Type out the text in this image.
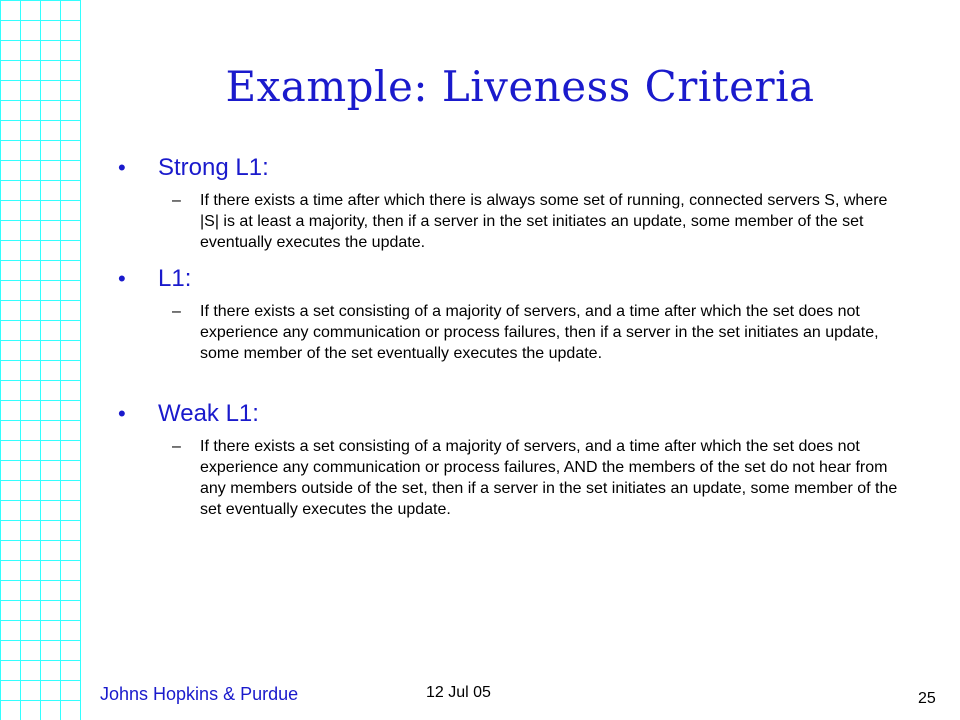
Example: Liveness Criteria
• Strong L1:
– If there exists a time after which there is always some set of running, connected servers S, where |S| is at least a majority, then if a server in the set initiates an update, some member of the set eventually executes the update.
• L1:
– If there exists a set consisting of a majority of servers, and a time after which the set does not experience any communication or process failures, then if a server in the set initiates an update, some member of the set eventually executes the update.
• Weak L1:
– If there exists a set consisting of a majority of servers, and a time after which the set does not experience any communication or process failures, AND the members of the set do not hear from any members outside of the set, then if a server in the set initiates an update, some member of the set eventually executes the update.
Johns Hopkins & Purdue	12 Jul 05	25
